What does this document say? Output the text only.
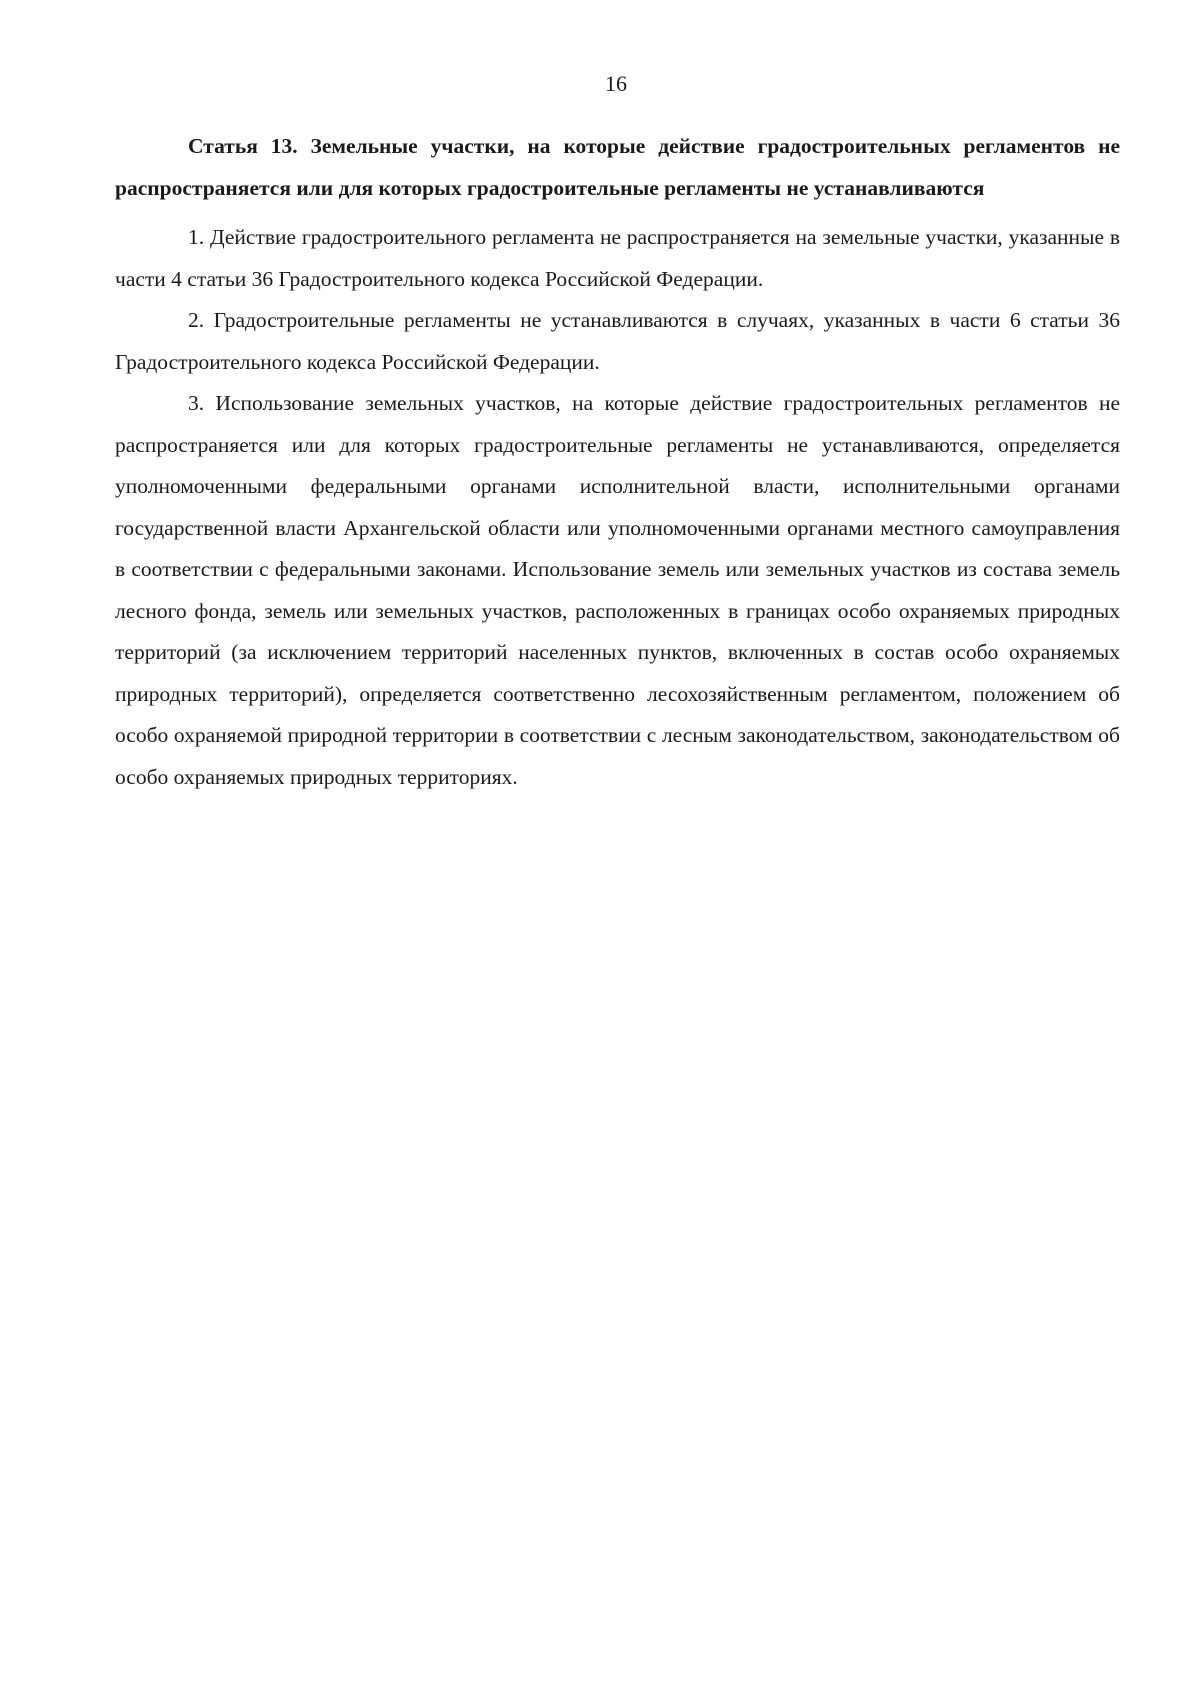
16

Статья 13. Земельные участки, на которые действие градостроительных регламентов не распространяется или для которых градостроительные регламенты не устанавливаются

1. Действие градостроительного регламента не распространяется на земельные участки, указанные в части 4 статьи 36 Градостроительного кодекса Российской Федерации.

2. Градостроительные регламенты не устанавливаются в случаях, указанных в части 6 статьи 36 Градостроительного кодекса Российской Федерации.

3. Использование земельных участков, на которые действие градостроительных регламентов не распространяется или для которых градостроительные регламенты не устанавливаются, определяется уполномоченными федеральными органами исполнительной власти, исполнительными органами государственной власти Архангельской области или уполномоченными органами местного самоуправления в соответствии с федеральными законами. Использование земель или земельных участков из состава земель лесного фонда, земель или земельных участков, расположенных в границах особо охраняемых природных территорий (за исключением территорий населенных пунктов, включенных в состав особо охраняемых природных территорий), определяется соответственно лесохозяйственным регламентом, положением об особо охраняемой природной территории в соответствии с лесным законодательством, законодательством об особо охраняемых природных территориях.
